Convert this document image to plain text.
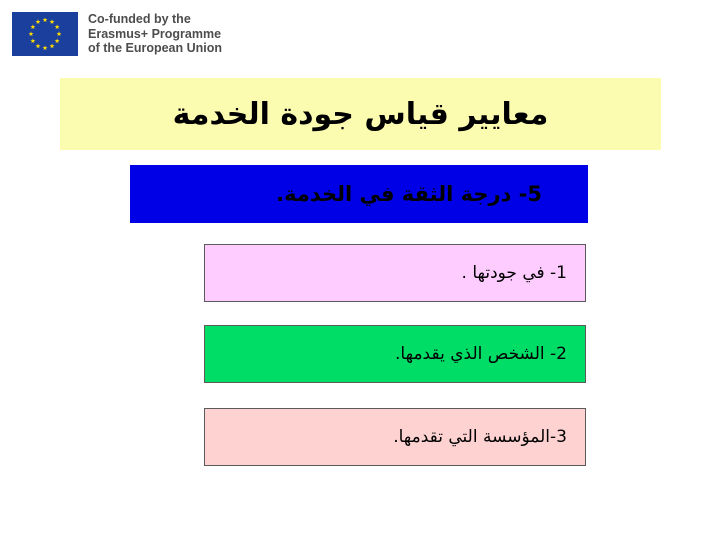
Co-funded by the
Erasmus+ Programme
of the European Union
معايير قياس جودة الخدمة
5- درجة الثقة في الخدمة.
1- في جودتها .
2- الشخص الذي يقدمها.
3-المؤسسة التي تقدمها.
